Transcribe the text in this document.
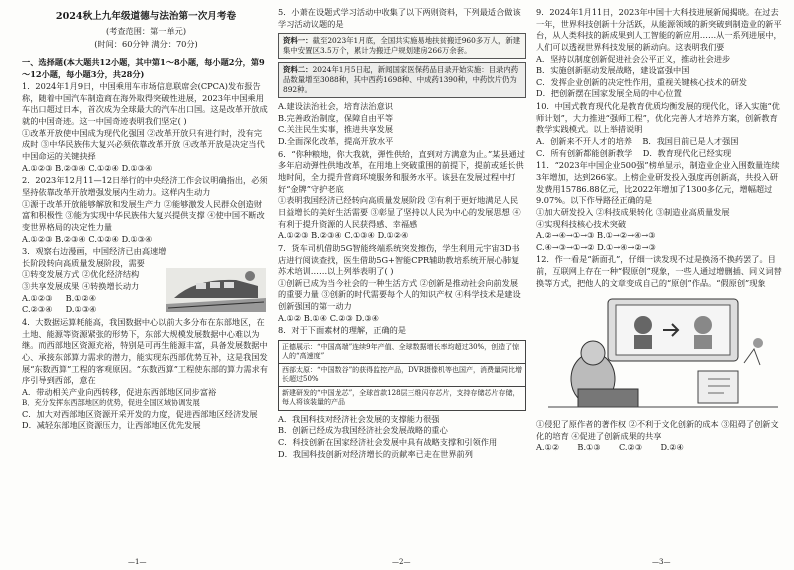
2024秋上九年级道德与法治第一次月考卷

(考查范围：第一单元)

(时间：60分钟 满分：70分)

一、选择题(本大题共12小题，其中第1～8小题，每小题2分，第9～12小题，每小题3分，共28分)

1．2024年1月9日，中国乘用车市场信息联席会(CPCA)发布报告称，随着中国汽车制造商在海外取得突破性进展，2023年中国乘用车出口超过日本，首次成为全球最大的汽车出口国。这是改革开放成就的中国奇迹。这一中国奇迹表明我们坚定( )

①改革开放使中国成为现代化强国 ②改革开放只有进行时，没有完成时 ③中华民族伟大复兴必须依靠改革开放 ④改革开放是决定当代中国命运的关键抉择

A.①②③ B.②③④ C.①②④ D.①③④

2．2023年12月11—12日举行的中央经济工作会议明确指出，必须坚持依靠改革开放增强发展内生动力。这样内生动力

①源于改革开放能够解放和发展生产力 ②能够激发人民群众创造财富和积极性 ③能为实现中华民族伟大复兴提供支撑 ④使中国不断改变世界格局的决定性力量

A.①②③ B.②③④ C.①②④ D.①③④

3．观察右边漫画，中国经济已由高速增长阶段转向高质量发展阶段，需要

①转变发展方式 ②优化经济结构

③共享发展成果 ④转换增长动力

A.①②③ B.①②④

C.②③④ D.①③④

4．大数据运算耗能高，我国数据中心以前大多分布在东部地区，在土地、能源等资源紧张的形势下，东部大规模发展数据中心难以为继。而西部地区资源充裕，特别是可再生能源丰富，具备发展数据中心、承接东部算力需求的潜力，能实现东西部优势互补，这是我国发展“东数西算”工程的客观原因。“东数西算”工程使东部的算力需求有序引导到西部，意在

A．带动相关产业向西转移，促进东西部地区同步富裕

B．充分发挥东西部地区的优势，促进全国区域协调发展

C．加大对西部地区资源开采开发的力度，促进西部地区经济发展

D．减轻东部地区资源压力，让西部地区优先发展

—1—

5．小萧在设题式学习活动中收集了以下两则资料，下列最适合做该学习活动议题的是

资料一：截至2023年1月底，全国共实施易地扶贫搬迁960多万人，新建集中安置区3.5万个，累计为搬迁户规划建房266万余套。
资料二：2024年1月5日起，新闻国家医保药品目录开始实施：目录内药品数量增至3088种，其中西药1698种、中成药1390种，中药饮片仍为892种。

A.建设法治社会，培育法治意识

B.完善政治制度，保障自由平等

C.关注民生实事，推进共享发展

D.全面深化改革，提高开放水平

6．“你种粮地，你大我就，弹性供给，直到对方满意为止。”某县通过多年启动弹性供地改革，在用地上突破重围的前提下，提前或延长供地时间，全力提升营商环境服务和服务水平。该县在发展过程中打好“金牌”守护老底

①表明我国经济已经转向高质量发展阶段 ②有利于更好地满足人民日益增长的美好生活需要 ③彰显了坚持以人民为中心的发展思想 ④有利于提升资源的人民获得感、幸福感

A.①②③ B.②③④ C.①③④ D.①②④

7．货车司机借助5G智能终端系统突发擦伤，学生利用元宇宙3D书店进行阅读查找，医生借助5G+智能CPR辅助教培系统开展心肺复苏术培训……以上列举表明了( )

①创新已成为当今社会的一种生活方式 ②创新是推动社会向前发展的重要力量 ③创新的时代需要每个人的知识产权 ④科学技术是建设创新强国的第一动力

A.①② B.①④ C.②③ D.③④

8．对于下面素材的理解，正确的是

正德展示：“中国高端”连续9年产值、全球数据增长率均超过30%，创造了惊人的“高速度”
西部太原：“中国数谷”的获得监控产品，DVR摄像机等也国产，消费量同比增长超过50%
新建研发的“中国龙芯”，全球首款128层三维闪存芯片，支持存储芯片存储，每人将该装量的产品

A．我国科技对经济社会发展的支撑能力很强

B．创新已经成为我国经济社会发展战略的重心

C．科技创新在国家经济社会发展中具有战略支撑和引领作用

D．我国科技创新对经济增长的贡献率已走在世界前列

—2—

9．2024年1月11日，2023年中国十大科技进展新闻揭晓。在过去一年，世界科技创新十分活跃，从能源领域的新突破到制造业的新平台，从人类科技的新成果到人工智能的新应用……从一系列进展中，人们可以透视世界科技发展的新动向。这表明我们要

A．坚持以制度创新促进社会公平正义，推动社会进步

B．实施创新驱动发展战略，建设富强中国

C．发挥企业创新的决定性作用，重视关键核心技术的研发

D．把创新摆在国家发展全局的中心位置

10．中国式教育现代化是教育优质均衡发展的现代化，译入实施“优师计划”，大力推进“强师工程”，优化完善人才培养方案，创新教育教学实践模式。以上举措说明

A．创新来不开人才的培养 B．我国目前已是人才强国

C．所有创新都能创新教学 D．教育现代化已经实现

11．“2023年中国企业500强”榜单显示，制造业企业入围数量连续3年增加，达到266家。上榜企业研发投入强度再创新高，共投入研发费用15786.88亿元，比2022年增加了1300多亿元，增幅超过9.07%。以下作导路径正确的是

①加大研发投入 ②科技成果转化 ③制造业高质量发展

④实现科技核心技术突破

A.②→④→①→③ B.①→②→④→③

C.④→③→①→② D.①→④→②→③

12．作一看是“新面孔”，仔细一读发现不过是换汤不换药罢了。目前，互联网上存在一种“假原创”现象，一些人通过增删插、同义词替换等方式，把他人的文章变成自己的“原创”作品。“假原创”现象

①侵犯了原作者的著作权 ②不利于文化创新的成本 ③阻碍了创新文化的培育 ④促进了创新成果的共享

A.①② B.①③ C.②③ D.②④

—3—
